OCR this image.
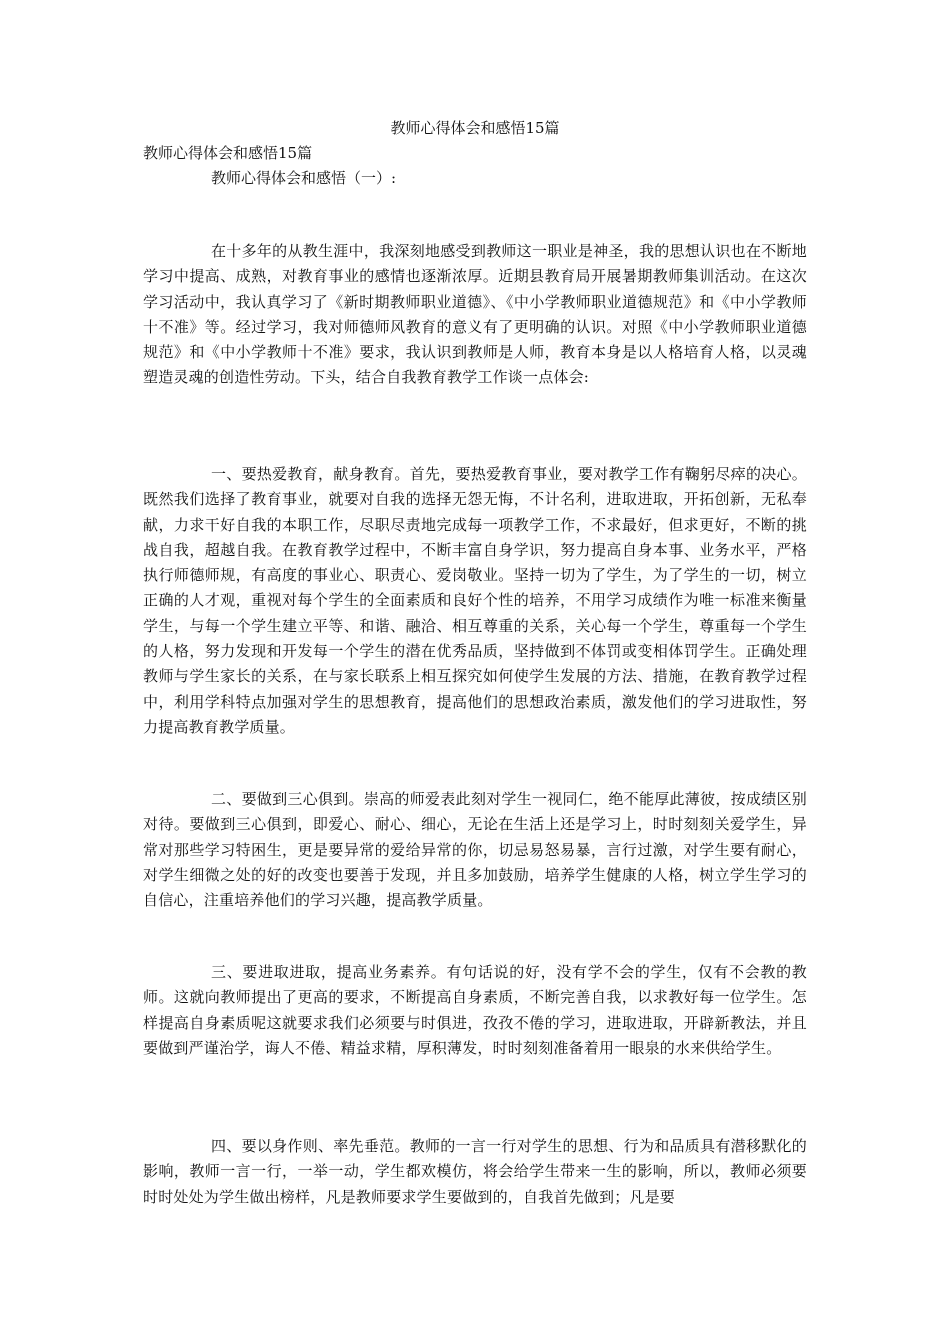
教师心得体会和感悟15篇
教师心得体会和感悟15篇
教师心得体会和感悟（一）:

在十多年的从教生涯中，我深刻地感受到教师这一职业是神圣，我的思想认识也在不断地学习中提高、成熟，对教育事业的感情也逐渐浓厚。近期县教育局开展暑期教师集训活动。在这次学习活动中，我认真学习了《新时期教师职业道德》、《中小学教师职业道德规范》和《中小学教师十不准》等。经过学习，我对师德师风教育的意义有了更明确的认识。对照《中小学教师职业道德规范》和《中小学教师十不准》要求，我认识到教师是人师，教育本身是以人格培育人格，以灵魂塑造灵魂的创造性劳动。下头，结合自我教育教学工作谈一点体会:

一、要热爱教育，献身教育。首先，要热爱教育事业，要对教学工作有鞠躬尽瘁的决心。既然我们选择了教育事业，就要对自我的选择无怨无悔，不计名利，进取进取，开拓创新，无私奉献，力求干好自我的本职工作，尽职尽责地完成每一项教学工作，不求最好，但求更好，不断的挑战自我，超越自我。在教育教学过程中，不断丰富自身学识，努力提高自身本事、业务水平，严格执行师德师规，有高度的事业心、职责心、爱岗敬业。坚持一切为了学生，为了学生的一切，树立正确的人才观，重视对每个学生的全面素质和良好个性的培养，不用学习成绩作为唯一标准来衡量学生，与每一个学生建立平等、和谐、融洽、相互尊重的关系，关心每一个学生，尊重每一个学生的人格，努力发现和开发每一个学生的潜在优秀品质，坚持做到不体罚或变相体罚学生。正确处理教师与学生家长的关系，在与家长联系上相互探究如何使学生发展的方法、措施，在教育教学过程中，利用学科特点加强对学生的思想教育，提高他们的思想政治素质，激发他们的学习进取性，努力提高教育教学质量。

二、要做到三心俱到。崇高的师爱表此刻对学生一视同仁，绝不能厚此薄彼，按成绩区别对待。要做到三心俱到，即爱心、耐心、细心，无论在生活上还是学习上，时时刻刻关爱学生，异常对那些学习特困生，更是要异常的爱给异常的你，切忌易怒易暴，言行过激，对学生要有耐心，对学生细微之处的好的改变也要善于发现，并且多加鼓励，培养学生健康的人格，树立学生学习的自信心，注重培养他们的学习兴趣，提高教学质量。

三、要进取进取，提高业务素养。有句话说的好，没有学不会的学生，仅有不会教的教师。这就向教师提出了更高的要求，不断提高自身素质，不断完善自我，以求教好每一位学生。怎样提高自身素质呢这就要求我们必须要与时俱进，孜孜不倦的学习，进取进取，开辟新教法，并且要做到严谨治学，诲人不倦、精益求精，厚积薄发，时时刻刻准备着用一眼泉的水来供给学生。

四、要以身作则、率先垂范。教师的一言一行对学生的思想、行为和品质具有潜移默化的影响，教师一言一行，一举一动，学生都欢模仿，将会给学生带来一生的影响，所以，教师必须要时时处处为学生做出榜样，凡是教师要求学生要做到的，自我首先做到；凡是要
